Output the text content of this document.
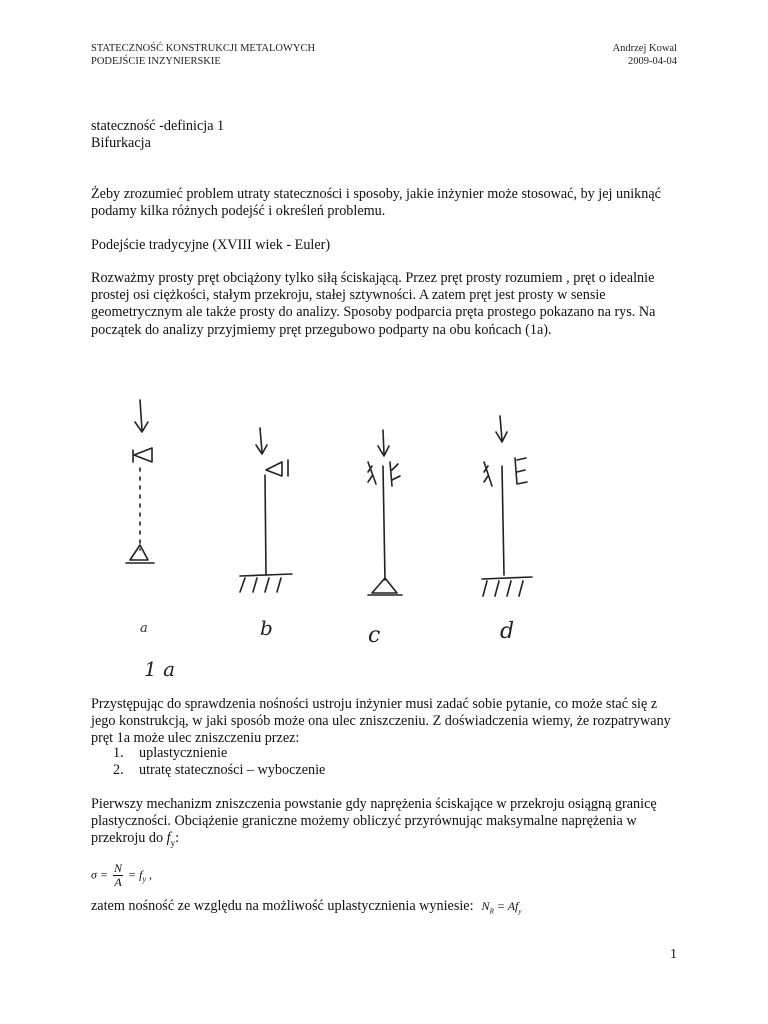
STATECZNOŚĆ KONSTRUKCJI METALOWYCH
PODEJŚCIE INZYNIERSKIE
Andrzej Kowal
2009-04-04
stateczność -definicja 1
Bifurkacja

Żeby zrozumieć problem utraty stateczności i sposoby, jakie inżynier może stosować, by jej uniknąć podamy kilka różnych podejść i określeń problemu.

Podejście tradycyjne (XVIII wiek - Euler)

Rozważmy prosty pręt obciążony tylko siłą ściskającą. Przez pręt prosty rozumiem , pręt o idealnie prostej osi ciężkości, stałym przekroju, stałej sztywności. A zatem pręt jest prosty w sensie geometrycznym ale także prosty do analizy. Sposoby podparcia pręta prostego pokazano na rys. Na początek do analizy przyjmiemy pręt przegubowo podparty na obu końcach (1a).

a	b	c	d
1 a

Przystępując do sprawdzenia nośności ustroju inżynier musi zadać sobie pytanie, co może stać się z jego konstrukcją, w jaki sposób może ona ulec zniszczeniu. Z doświadczenia wiemy, że rozpatrywany pręt 1a może ulec zniszczeniu przez:

1. uplastycznienie
2. utratę stateczności – wyboczenie

Pierwszy mechanizm zniszczenia powstanie gdy naprężenia ściskające w przekroju osiągną granicę plastyczności. Obciążenie graniczne możemy obliczyć przyrównując maksymalne naprężenia w przekroju do $f_y$:

$\sigma = \frac{N}{A} = f_y$ ,

zatem nośność ze względu na możliwość uplastycznienia wyniesie: $N_R = Af_y$

1
